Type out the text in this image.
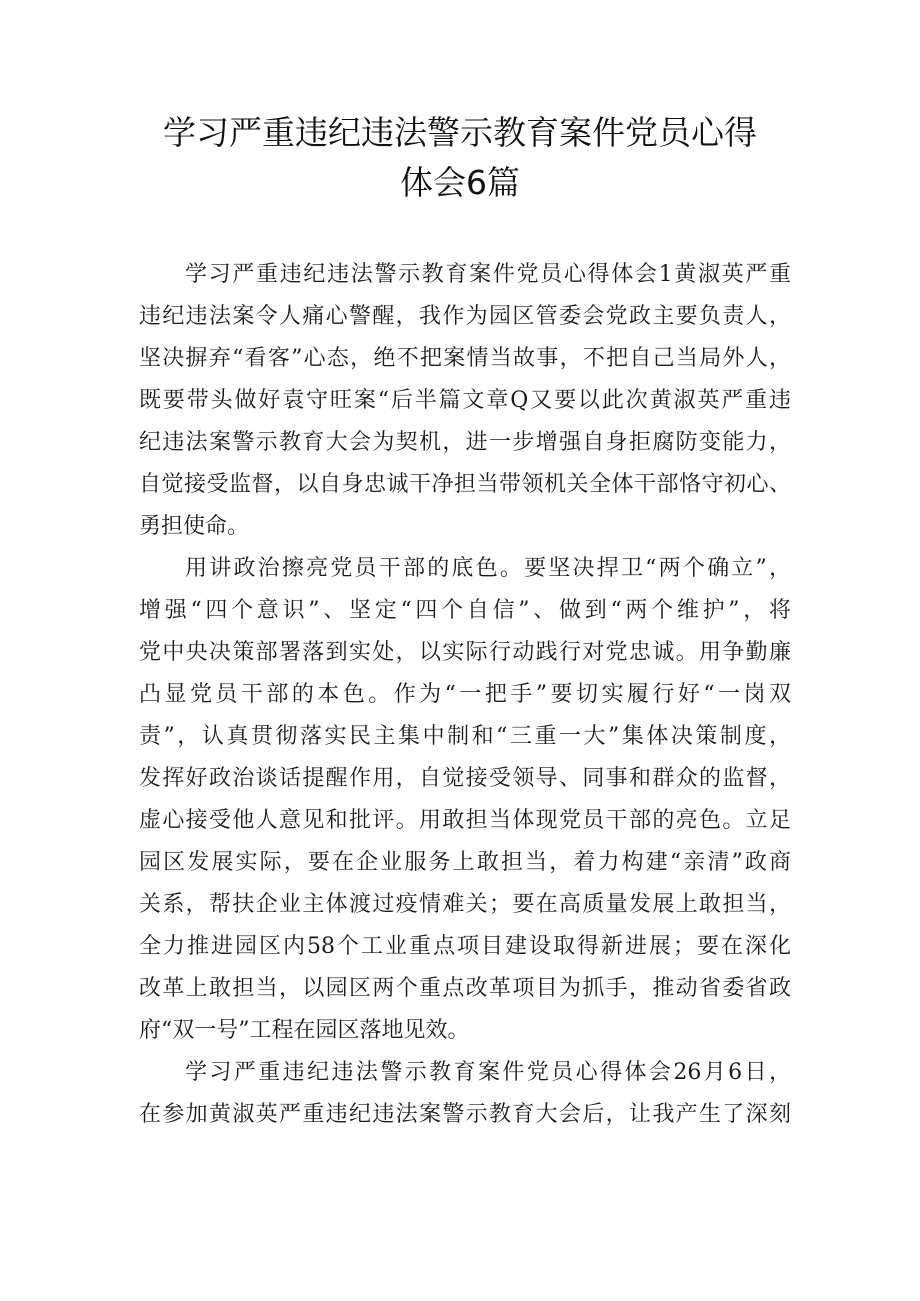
学习严重违纪违法警示教育案件党员心得
体会6篇
学习严重违纪违法警示教育案件党员心得体会1黄淑英严重
违纪违法案令人痛心警醒，我作为园区管委会党政主要负责人，
坚决摒弃“看客”心态，绝不把案情当故事，不把自己当局外人，
既要带头做好袁守旺案“后半篇文章Q又要以此次黄淑英严重违
纪违法案警示教育大会为契机，进一步增强自身拒腐防变能力，
自觉接受监督，以自身忠诚干净担当带领机关全体干部恪守初心、
勇担使命。
用讲政治擦亮党员干部的底色。要坚决捍卫“两个确立”，
增强“四个意识”、坚定“四个自信”、做到“两个维护”，将
党中央决策部署落到实处，以实际行动践行对党忠诚。用争勤廉
凸显党员干部的本色。作为“一把手”要切实履行好“一岗双
责”，认真贯彻落实民主集中制和“三重一大”集体决策制度，
发挥好政治谈话提醒作用，自觉接受领导、同事和群众的监督，
虚心接受他人意见和批评。用敢担当体现党员干部的亮色。立足
园区发展实际，要在企业服务上敢担当，着力构建“亲清”政商
关系，帮扶企业主体渡过疫情难关；要在高质量发展上敢担当，
全力推进园区内58个工业重点项目建设取得新进展；要在深化
改革上敢担当，以园区两个重点改革项目为抓手，推动省委省政
府“双一号”工程在园区落地见效。
学习严重违纪违法警示教育案件党员心得体会26月6日，
在参加黄淑英严重违纪违法案警示教育大会后，让我产生了深刻
